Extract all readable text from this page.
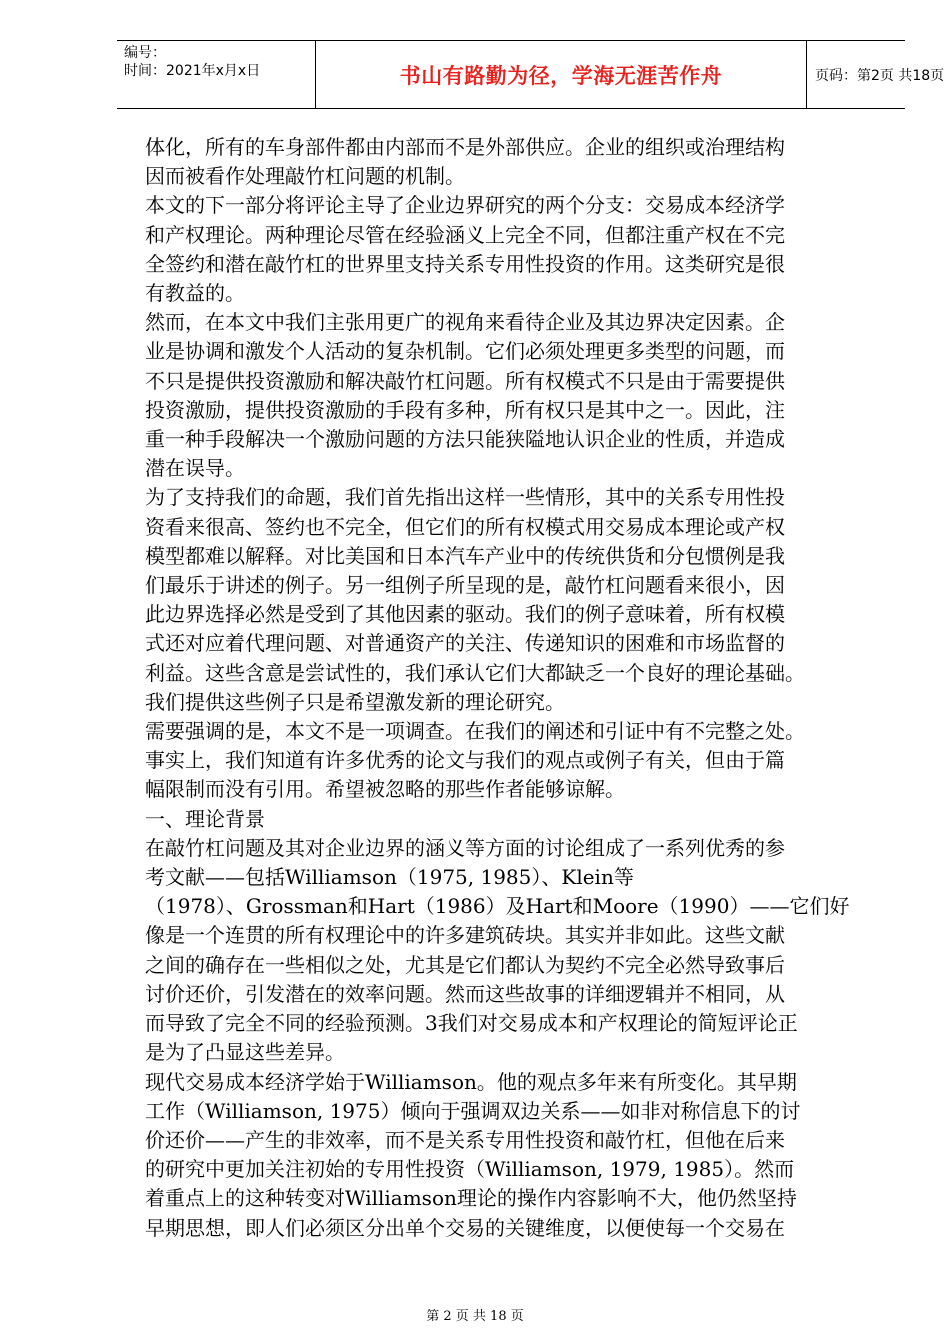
编号：
时间：2021年x月x日	书山有路勤为径，学海无涯苦作舟	页码：第2页 共18页

体化，所有的车身部件都由内部而不是外部供应。企业的组织或治理结构

因而被看作处理敲竹杠问题的机制。

本文的下一部分将评论主导了企业边界研究的两个分支：交易成本经济学

和产权理论。两种理论尽管在经验涵义上完全不同，但都注重产权在不完

全签约和潜在敲竹杠的世界里支持关系专用性投资的作用。这类研究是很

有教益的。

然而，在本文中我们主张用更广的视角来看待企业及其边界决定因素。企

业是协调和激发个人活动的复杂机制。它们必须处理更多类型的问题，而

不只是提供投资激励和解决敲竹杠问题。所有权模式不只是由于需要提供

投资激励，提供投资激励的手段有多种，所有权只是其中之一。因此，注

重一种手段解决一个激励问题的方法只能狭隘地认识企业的性质，并造成

潜在误导。

为了支持我们的命题，我们首先指出这样一些情形，其中的关系专用性投

资看来很高、签约也不完全，但它们的所有权模式用交易成本理论或产权

模型都难以解释。对比美国和日本汽车产业中的传统供货和分包惯例是我

们最乐于讲述的例子。另一组例子所呈现的是，敲竹杠问题看来很小，因

此边界选择必然是受到了其他因素的驱动。我们的例子意味着，所有权模

式还对应着代理问题、对普通资产的关注、传递知识的困难和市场监督的

利益。这些含意是尝试性的，我们承认它们大都缺乏一个良好的理论基础。

我们提供这些例子只是希望激发新的理论研究。

需要强调的是，本文不是一项调查。在我们的阐述和引证中有不完整之处。

事实上，我们知道有许多优秀的论文与我们的观点或例子有关，但由于篇

幅限制而没有引用。希望被忽略的那些作者能够谅解。

一、理论背景

在敲竹杠问题及其对企业边界的涵义等方面的讨论组成了一系列优秀的参

考文献——包括Williamson（1975, 1985）、Klein等

（1978）、Grossman和Hart（1986）及Hart和Moore（1990）——它们好

像是一个连贯的所有权理论中的许多建筑砖块。其实并非如此。这些文献

之间的确存在一些相似之处，尤其是它们都认为契约不完全必然导致事后

讨价还价，引发潜在的效率问题。然而这些故事的详细逻辑并不相同，从

而导致了完全不同的经验预测。3我们对交易成本和产权理论的简短评论正

是为了凸显这些差异。

现代交易成本经济学始于Williamson。他的观点多年来有所变化。其早期

工作（Williamson, 1975）倾向于强调双边关系——如非对称信息下的讨

价还价——产生的非效率，而不是关系专用性投资和敲竹杠，但他在后来

的研究中更加关注初始的专用性投资（Williamson, 1979, 1985）。然而

着重点上的这种转变对Williamson理论的操作内容影响不大，他仍然坚持

早期思想，即人们必须区分出单个交易的关键维度，以便使每一个交易在

第 2 页 共 18 页
